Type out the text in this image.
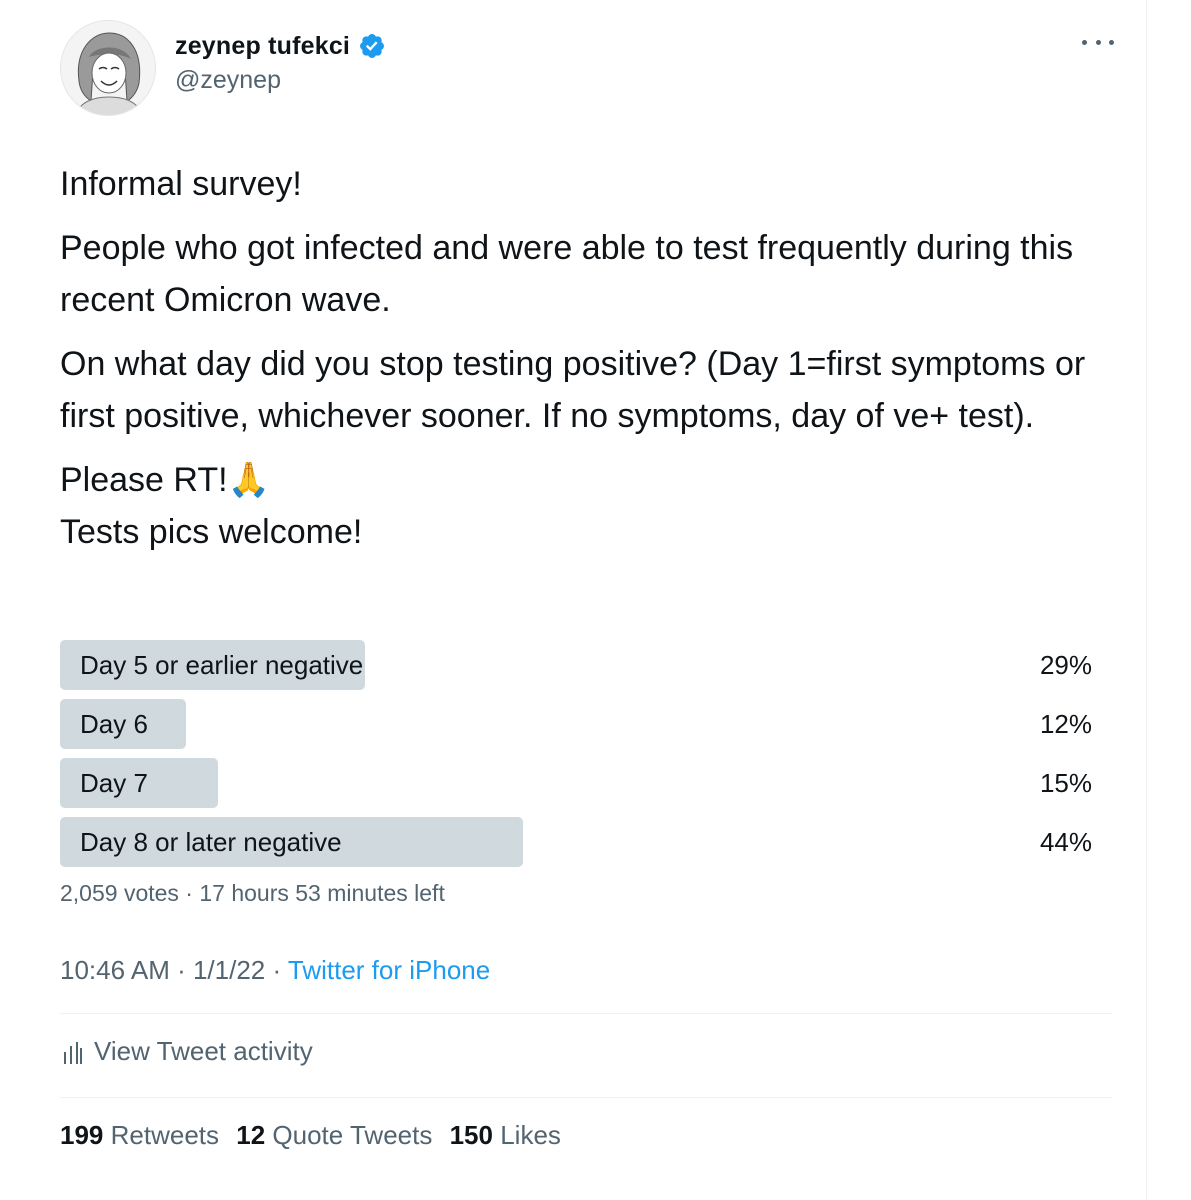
zeynep tufekci
@zeynep

Informal survey!

People who got infected and were able to test frequently during this recent Omicron wave.

On what day did you stop testing positive? (Day 1=first symptoms or first positive, whichever sooner. If no symptoms, day of ve+ test).

Please RT!🙏

Tests pics welcome!

Day 5 or earlier negative	29%
Day 6	12%
Day 7	15%
Day 8 or later negative	44%
2,059 votes · 17 hours 53 minutes left
10:46 AM · 1/1/22 · Twitter for iPhone
View Tweet activity
199 Retweets 12 Quote Tweets 150 Likes
